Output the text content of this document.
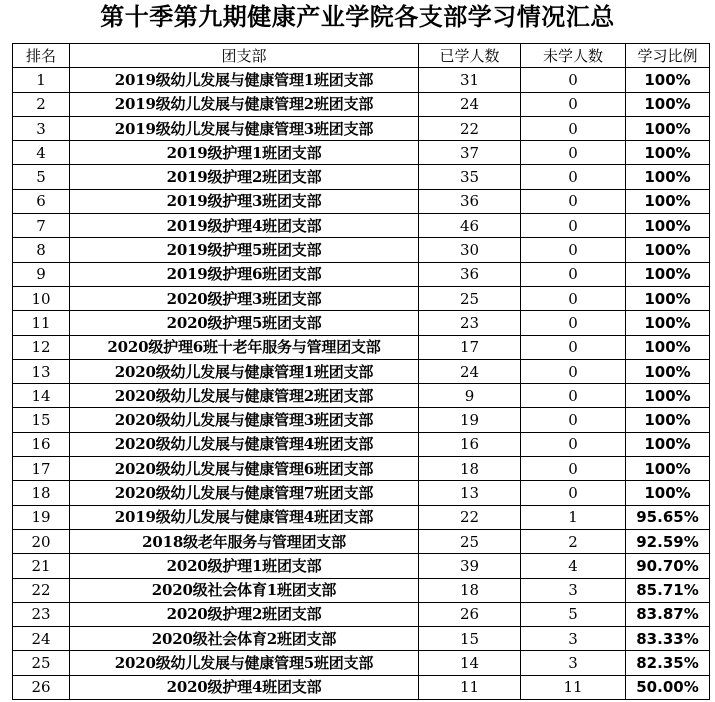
第十季第九期健康产业学院各支部学习情况汇总
排名	团支部	已学人数	未学人数	学习比例
1	2019级幼儿发展与健康管理1班团支部	31	0	100%
2	2019级幼儿发展与健康管理2班团支部	24	0	100%
3	2019级幼儿发展与健康管理3班团支部	22	0	100%
4	2019级护理1班团支部	37	0	100%
5	2019级护理2班团支部	35	0	100%
6	2019级护理3班团支部	36	0	100%
7	2019级护理4班团支部	46	0	100%
8	2019级护理5班团支部	30	0	100%
9	2019级护理6班团支部	36	0	100%
10	2020级护理3班团支部	25	0	100%
11	2020级护理5班团支部	23	0	100%
12	2020级护理6班十老年服务与管理团支部	17	0	100%
13	2020级幼儿发展与健康管理1班团支部	24	0	100%
14	2020级幼儿发展与健康管理2班团支部	9	0	100%
15	2020级幼儿发展与健康管理3班团支部	19	0	100%
16	2020级幼儿发展与健康管理4班团支部	16	0	100%
17	2020级幼儿发展与健康管理6班团支部	18	0	100%
18	2020级幼儿发展与健康管理7班团支部	13	0	100%
19	2019级幼儿发展与健康管理4班团支部	22	1	95.65%
20	2018级老年服务与管理团支部	25	2	92.59%
21	2020级护理1班团支部	39	4	90.70%
22	2020级社会体育1班团支部	18	3	85.71%
23	2020级护理2班团支部	26	5	83.87%
24	2020级社会体育2班团支部	15	3	83.33%
25	2020级幼儿发展与健康管理5班团支部	14	3	82.35%
26	2020级护理4班团支部	11	11	50.00%
